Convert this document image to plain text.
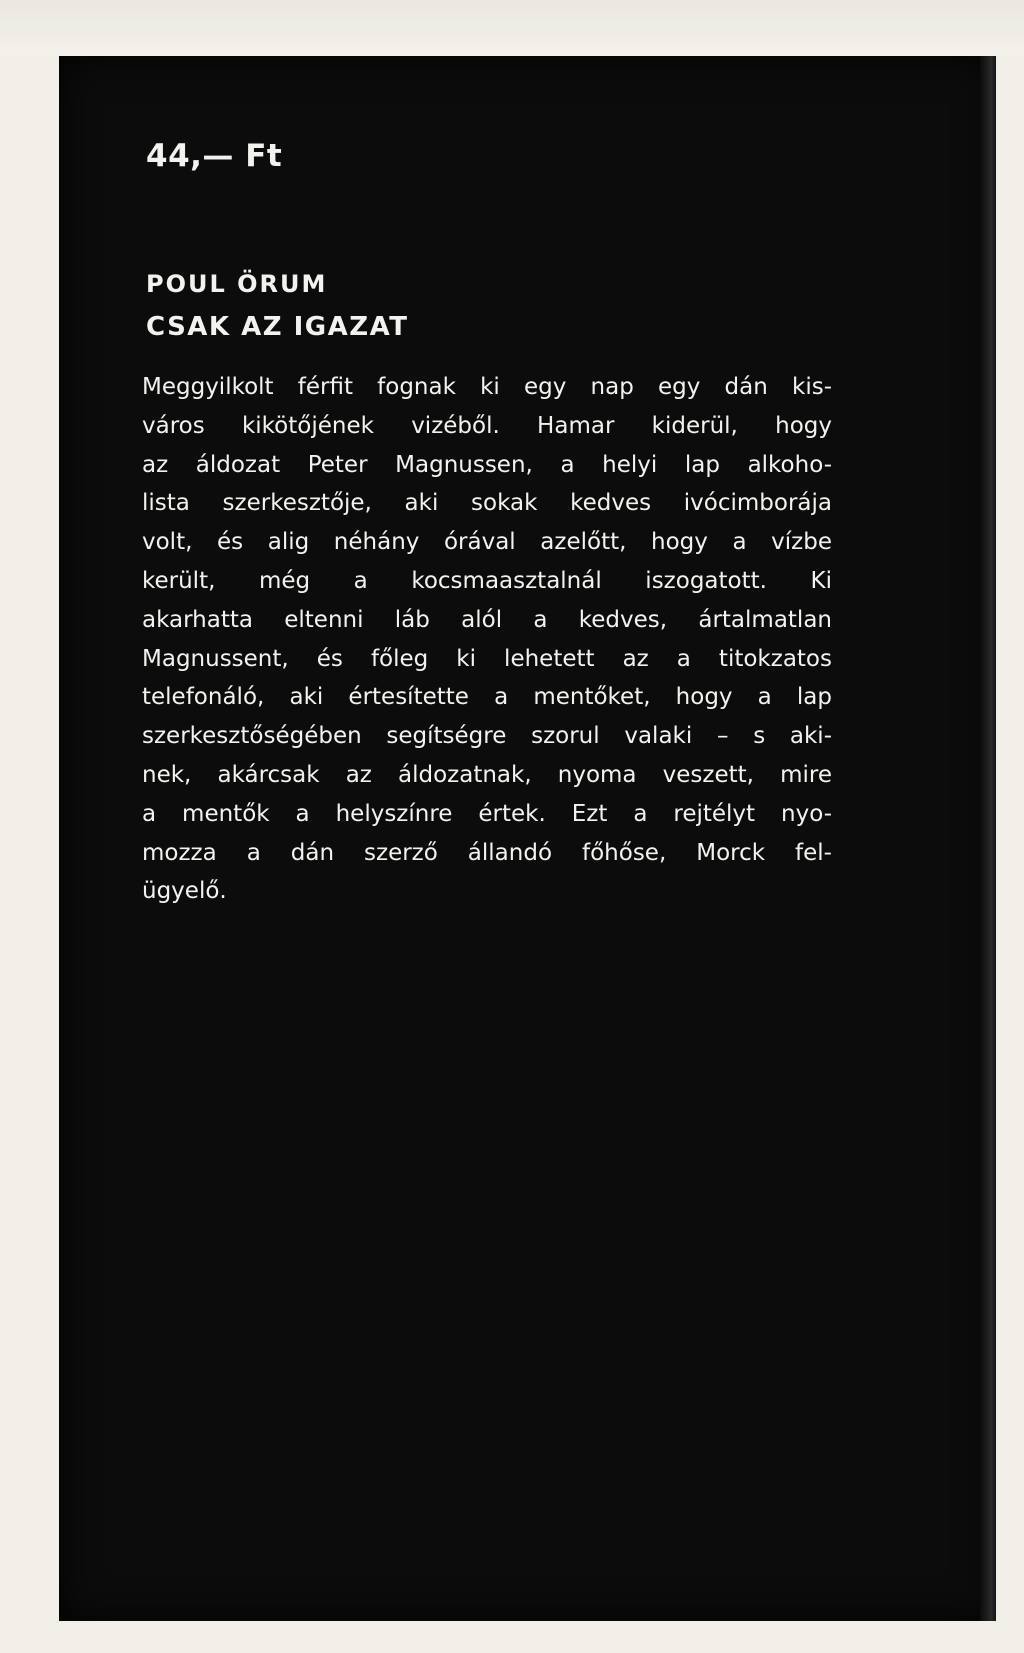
44,— Ft

POUL ÖRUM

CSAK AZ IGAZAT

Meggyilkolt férfit fognak ki egy nap egy dán kis-
város kikötőjének vizéből. Hamar kiderül, hogy
az áldozat Peter Magnussen, a helyi lap alkoho-
lista szerkesztője, aki sokak kedves ivócimborája
volt, és alig néhány órával azelőtt, hogy a vízbe
került, még a kocsmaasztalnál iszogatott. Ki
akarhatta eltenni láb alól a kedves, ártalmatlan
Magnussent, és főleg ki lehetett az a titokzatos
telefonáló, aki értesítette a mentőket, hogy a lap
szerkesztőségében segítségre szorul valaki – s aki-
nek, akárcsak az áldozatnak, nyoma veszett, mire
a mentők a helyszínre értek. Ezt a rejtélyt nyo-
mozza a dán szerző állandó főhőse, Morck fel-
ügyelő.
